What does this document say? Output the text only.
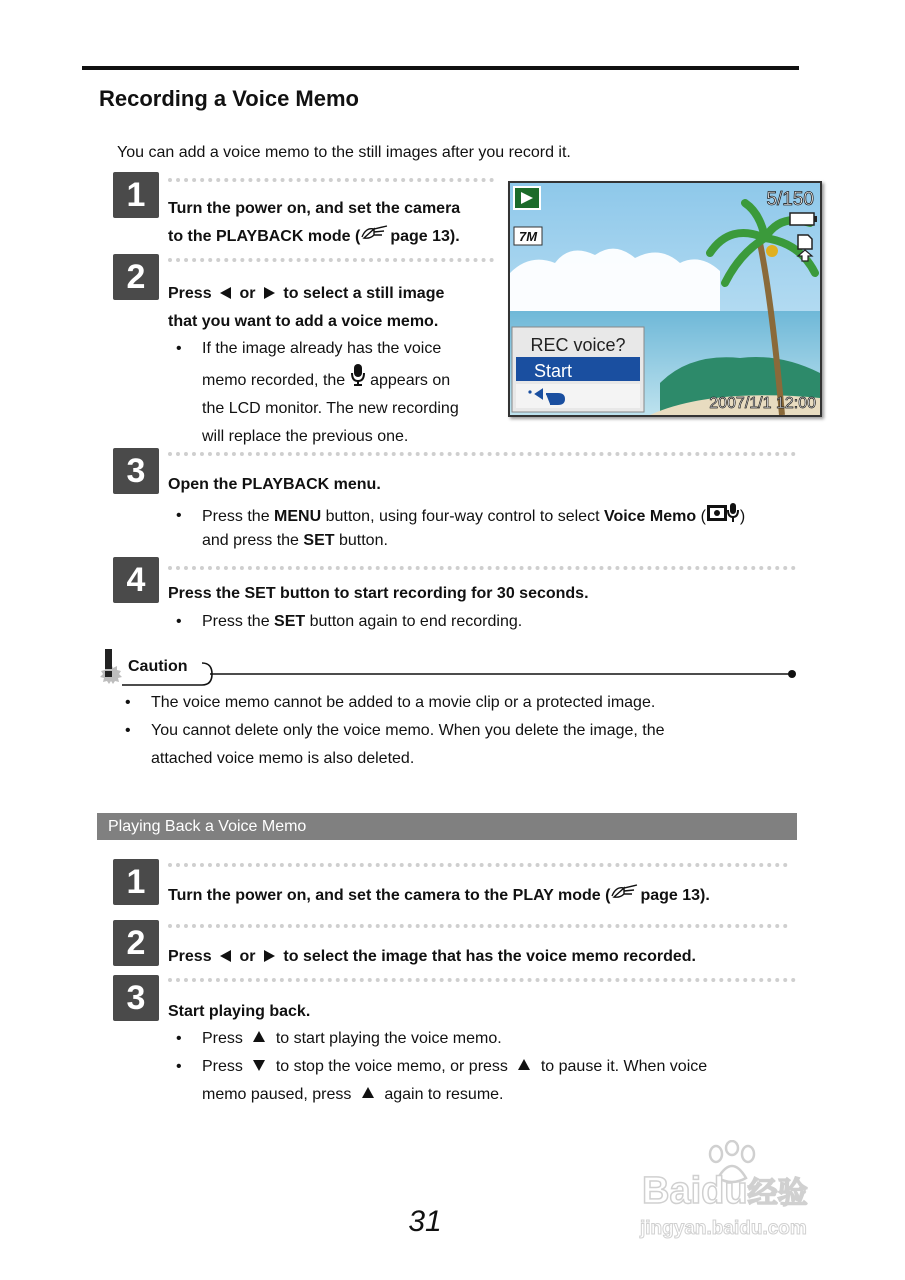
Recording a Voice Memo
You can add a voice memo to the still images after you record it.
1	Turn the power on, and set the camera
to the PLAYBACK mode ( page 13).
2	Press or to select a still image
that you want to add a voice memo.
• If the image already has the voice
memo recorded, the appears on
the LCD monitor. The new recording
will replace the previous one.
7M
5/150
REC voice?
Start
2007/1/1 12:00
3	Open the PLAYBACK menu.
• Press the MENU button, using four-way control to select Voice Memo ( )
and press the SET button.
4	Press the SET button to start recording for 30 seconds.
• Press the SET button again to end recording.
Caution
• The voice memo cannot be added to a movie clip or a protected image.
• You cannot delete only the voice memo. When you delete the image, the
attached voice memo is also deleted.
Playing Back a Voice Memo
1	Turn the power on, and set the camera to the PLAY mode ( page 13).
2	Press or to select the image that has the voice memo recorded.
3	Start playing back.
• Press to start playing the voice memo.
• Press to stop the voice memo, or press to pause it. When voice
memo paused, press again to resume.
31
Baidu经验
jingyan.baidu.com
